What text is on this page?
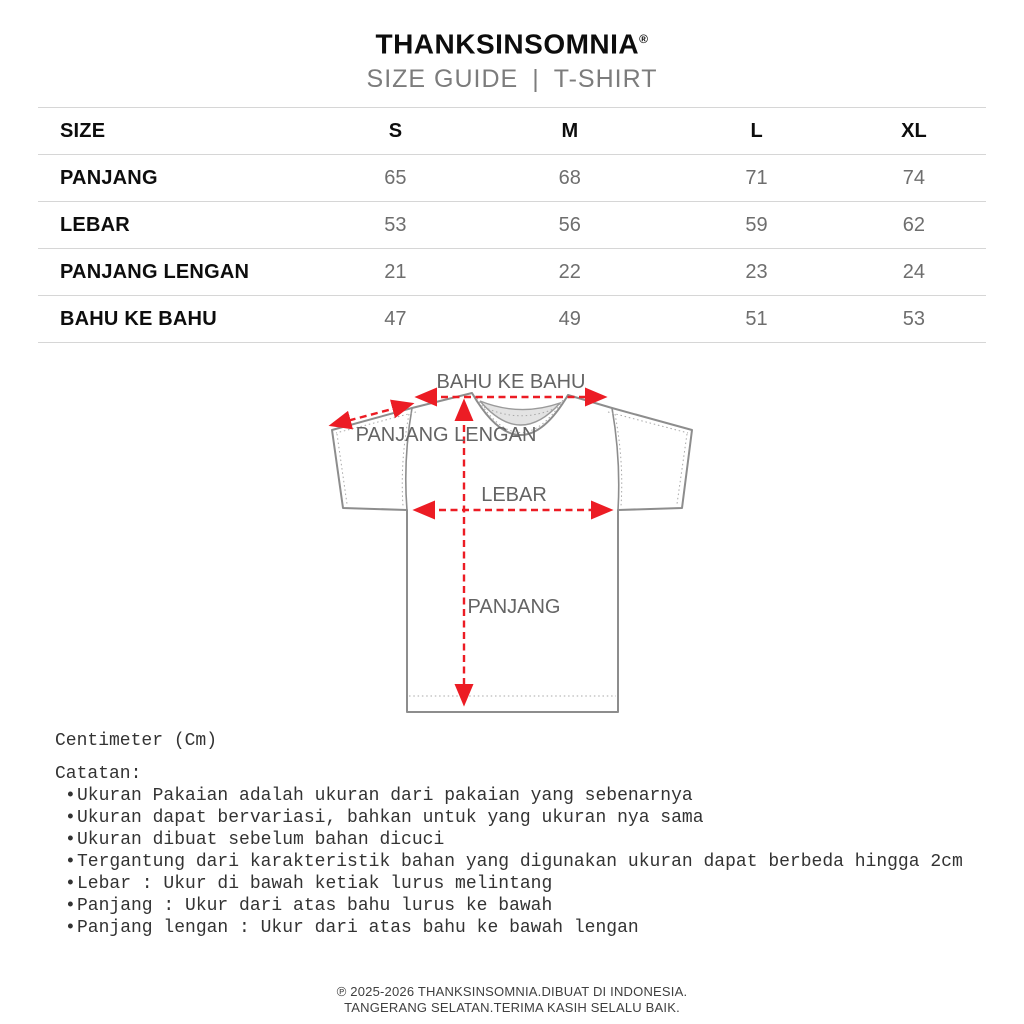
THANKSINSOMNIA®
SIZE GUIDE | T-SHIRT
SIZE	S	M	L	XL
PANJANG	65	68	71	74
LEBAR	53	56	59	62
PANJANG LENGAN	21	22	23	24
BAHU KE BAHU	47	49	51	53
BAHU KE BAHU
PANJANG LENGAN
LEBAR
PANJANG
Centimeter (Cm)
Catatan:
•Ukuran Pakaian adalah ukuran dari pakaian yang sebenarnya
•Ukuran dapat bervariasi, bahkan untuk yang ukuran nya sama
•Ukuran dibuat sebelum bahan dicuci
•Tergantung dari karakteristik bahan yang digunakan ukuran dapat berbeda hingga 2cm
•Lebar : Ukur di bawah ketiak lurus melintang
•Panjang : Ukur dari atas bahu lurus ke bawah
•Panjang lengan : Ukur dari atas bahu ke bawah lengan
℗ 2025-2026 THANKSINSOMNIA.DIBUAT DI INDONESIA.
TANGERANG SELATAN.TERIMA KASIH SELALU BAIK.
